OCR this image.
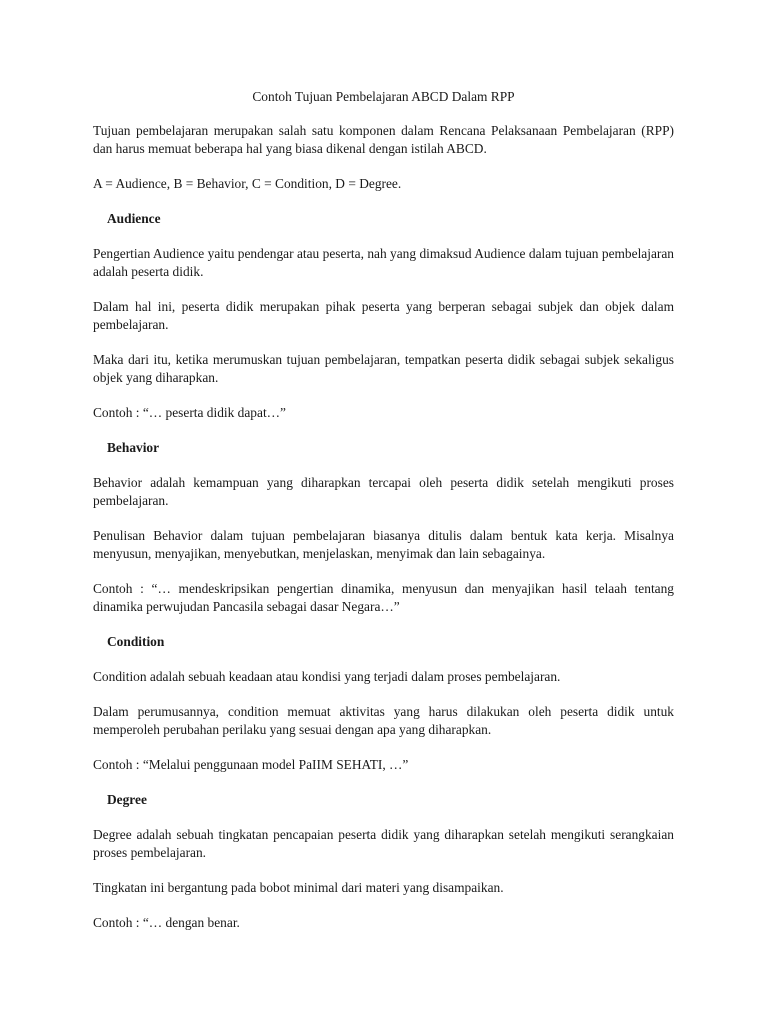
Contoh Tujuan Pembelajaran ABCD Dalam RPP

Tujuan pembelajaran merupakan salah satu komponen dalam Rencana Pelaksanaan Pembelajaran (RPP) dan harus memuat beberapa hal yang biasa dikenal dengan istilah ABCD.

A = Audience, B = Behavior, C = Condition, D = Degree.

Audience

Pengertian Audience yaitu pendengar atau peserta, nah yang dimaksud Audience dalam tujuan pembelajaran adalah peserta didik.

Dalam hal ini, peserta didik merupakan pihak peserta yang berperan sebagai subjek dan objek dalam pembelajaran.

Maka dari itu, ketika merumuskan tujuan pembelajaran, tempatkan peserta didik sebagai subjek sekaligus objek yang diharapkan.

Contoh : “… peserta didik dapat…”

Behavior

Behavior adalah kemampuan yang diharapkan tercapai oleh peserta didik setelah mengikuti proses pembelajaran.

Penulisan Behavior dalam tujuan pembelajaran biasanya ditulis dalam bentuk kata kerja. Misalnya menyusun, menyajikan, menyebutkan, menjelaskan, menyimak dan lain sebagainya.

Contoh : “… mendeskripsikan pengertian dinamika, menyusun dan menyajikan hasil telaah tentang dinamika perwujudan Pancasila sebagai dasar Negara…”

Condition

Condition adalah sebuah keadaan atau kondisi yang terjadi dalam proses pembelajaran.

Dalam perumusannya, condition memuat aktivitas yang harus dilakukan oleh peserta didik untuk memperoleh perubahan perilaku yang sesuai dengan apa yang diharapkan.

Contoh : “Melalui penggunaan model PaIIM SEHATI, …”

Degree

Degree adalah sebuah tingkatan pencapaian peserta didik yang diharapkan setelah mengikuti serangkaian proses pembelajaran.

Tingkatan ini bergantung pada bobot minimal dari materi yang disampaikan.

Contoh : “… dengan benar.
